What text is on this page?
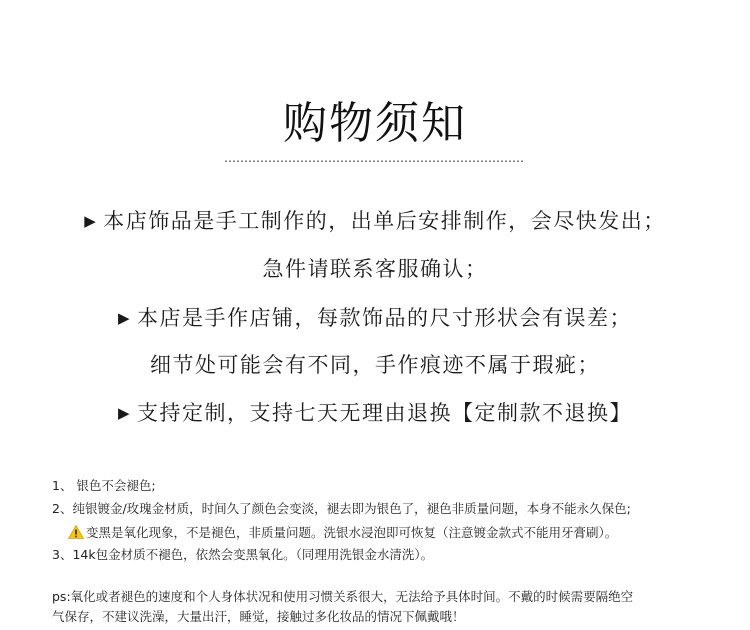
购物须知
…………………………………………………………………
▶ 本店饰品是手工制作的，出单后安排制作，会尽快发出；
急件请联系客服确认；
▶ 本店是手作店铺，每款饰品的尺寸形状会有误差；
细节处可能会有不同，手作痕迹不属于瑕疵；
▶ 支持定制，支持七天无理由退换【定制款不退换】
1、 银色不会褪色;
2、纯银镀金/玫瑰金材质，时间久了颜色会变淡，褪去即为银色了，褪色非质量问题，本身不能永久保色;
变黑是氧化现象，不是褪色，非质量问题。洗银水浸泡即可恢复（注意镀金款式不能用牙膏刷）。
3、14k包金材质不褪色，依然会变黑氧化。（同理用洗银金水清洗）。
ps:氧化或者褪色的速度和个人身体状况和使用习惯关系很大，无法给予具体时间。不戴的时候需要隔绝空
气保存，不建议洗澡，大量出汗，睡觉，接触过多化妆品的情况下佩戴哦！
